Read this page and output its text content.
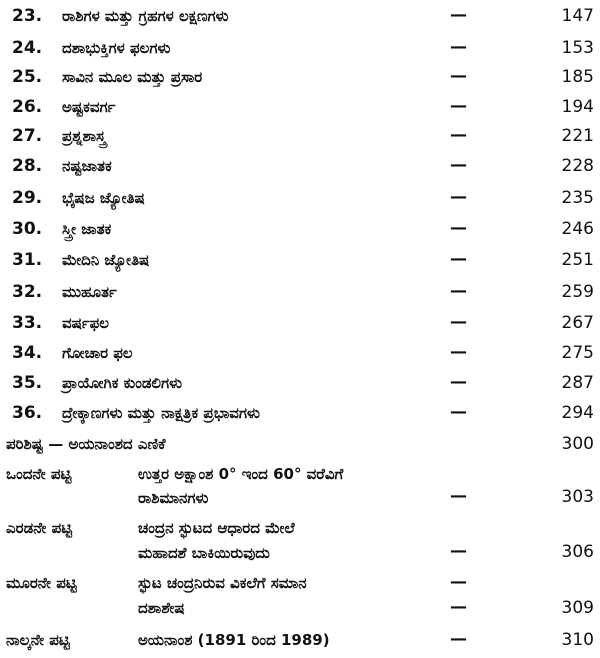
23. ರಾಶಿಗಳ ಮತ್ತು ಗ್ರಹಗಳ ಲಕ್ಷಣಗಳು	—	147
24. ದಶಾಭುಕ್ತಿಗಳ ಫಲಗಳು	—	153
25. ಸಾವಿನ ಮೂಲ ಮತ್ತು ಪ್ರಸಾರ	—	185
26. ಅಷ್ಟಕವರ್ಗ	—	194
27. ಪ್ರಶ್ನಶಾಸ್ತ್ರ	—	221
28. ನಷ್ಟಜಾತಕ	—	228
29. ಭೈಷಜ ಜ್ಯೋತಿಷ	—	235
30. ಸ್ತ್ರೀ ಜಾತಕ	—	246
31. ಮೇದಿನಿ ಜ್ಯೋತಿಷ	—	251
32. ಮುಹೂರ್ತ	—	259
33. ವರ್ಷಫಲ	—	267
34. ಗೋಚಾರ ಫಲ	—	275
35. ಪ್ರಾಯೋಗಿಕ ಕುಂಡಲಿಗಳು	—	287
36. ದ್ರೇಕ್ಕಾಣಗಳು ಮತ್ತು ನಾಕ್ಷತ್ರಿಕ ಪ್ರಭಾವಗಳು	—	294
ಪರಿಶಿಷ್ಟ — ಅಯನಾಂಶದ ಎಣಿಕೆ	300
ಒಂದನೇ ಪಟ್ಟಿ	ಉತ್ತರ ಅಕ್ಷಾಂಶ 0° ಇಂದ 60° ವರೆವಿಗೆ
ರಾಶಿಮಾನಗಳು	—	303
ಎರಡನೇ ಪಟ್ಟಿ	ಚಂದ್ರನ ಸ್ಫುಟದ ಆಧಾರದ ಮೇಲೆ
ಮಹಾದಶೆ ಬಾಕಿಯಿರುವುದು	—	306
ಮೂರನೇ ಪಟ್ಟಿ	ಸ್ಫುಟ ಚಂದ್ರನಿರುವ ವಿಕಲೆಗೆ ಸಮಾನ	—
ದಶಾಶೇಷ	—	309
ನಾಲ್ಕನೇ ಪಟ್ಟಿ	ಅಯನಾಂಶ (1891 ರಿಂದ 1989)	—	310
